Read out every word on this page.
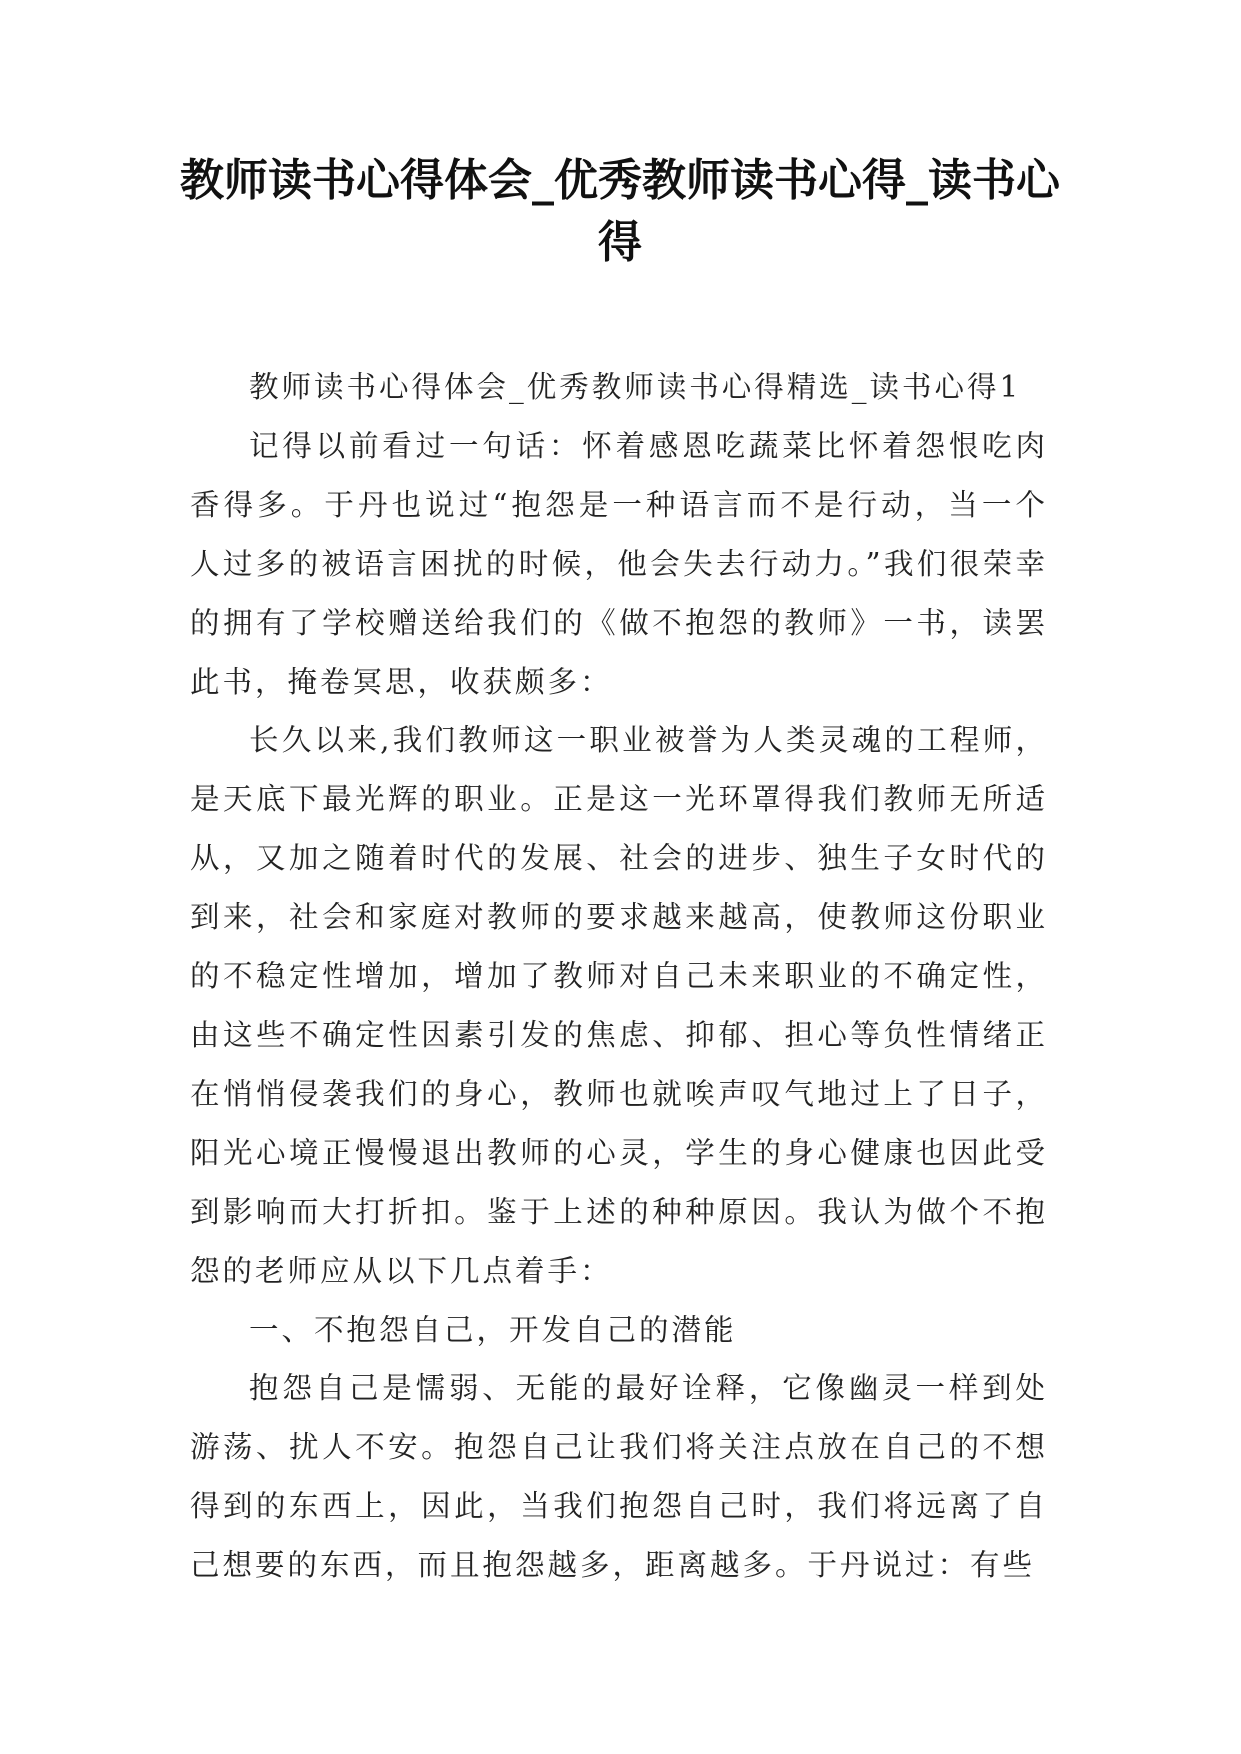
教师读书心得体会_优秀教师读书心得_读书心得

教师读书心得体会_优秀教师读书心得精选_读书心得1

记得以前看过一句话：怀着感恩吃蔬菜比怀着怨恨吃肉香得多。于丹也说过“抱怨是一种语言而不是行动，当一个人过多的被语言困扰的时候，他会失去行动力。”我们很荣幸的拥有了学校赠送给我们的《做不抱怨的教师》一书，读罢此书，掩卷冥思，收获颇多：

长久以来,我们教师这一职业被誉为人类灵魂的工程师，是天底下最光辉的职业。正是这一光环罩得我们教师无所适从，又加之随着时代的发展、社会的进步、独生子女时代的到来，社会和家庭对教师的要求越来越高，使教师这份职业的不稳定性增加，增加了教师对自己未来职业的不确定性，由这些不确定性因素引发的焦虑、抑郁、担心等负性情绪正在悄悄侵袭我们的身心，教师也就唉声叹气地过上了日子，阳光心境正慢慢退出教师的心灵，学生的身心健康也因此受到影响而大打折扣。鉴于上述的种种原因。我认为做个不抱怨的老师应从以下几点着手：

一、不抱怨自己，开发自己的潜能

抱怨自己是懦弱、无能的最好诠释，它像幽灵一样到处游荡、扰人不安。抱怨自己让我们将关注点放在自己的不想得到的东西上，因此，当我们抱怨自己时，我们将远离了自己想要的东西，而且抱怨越多，距离越多。于丹说过：有些
